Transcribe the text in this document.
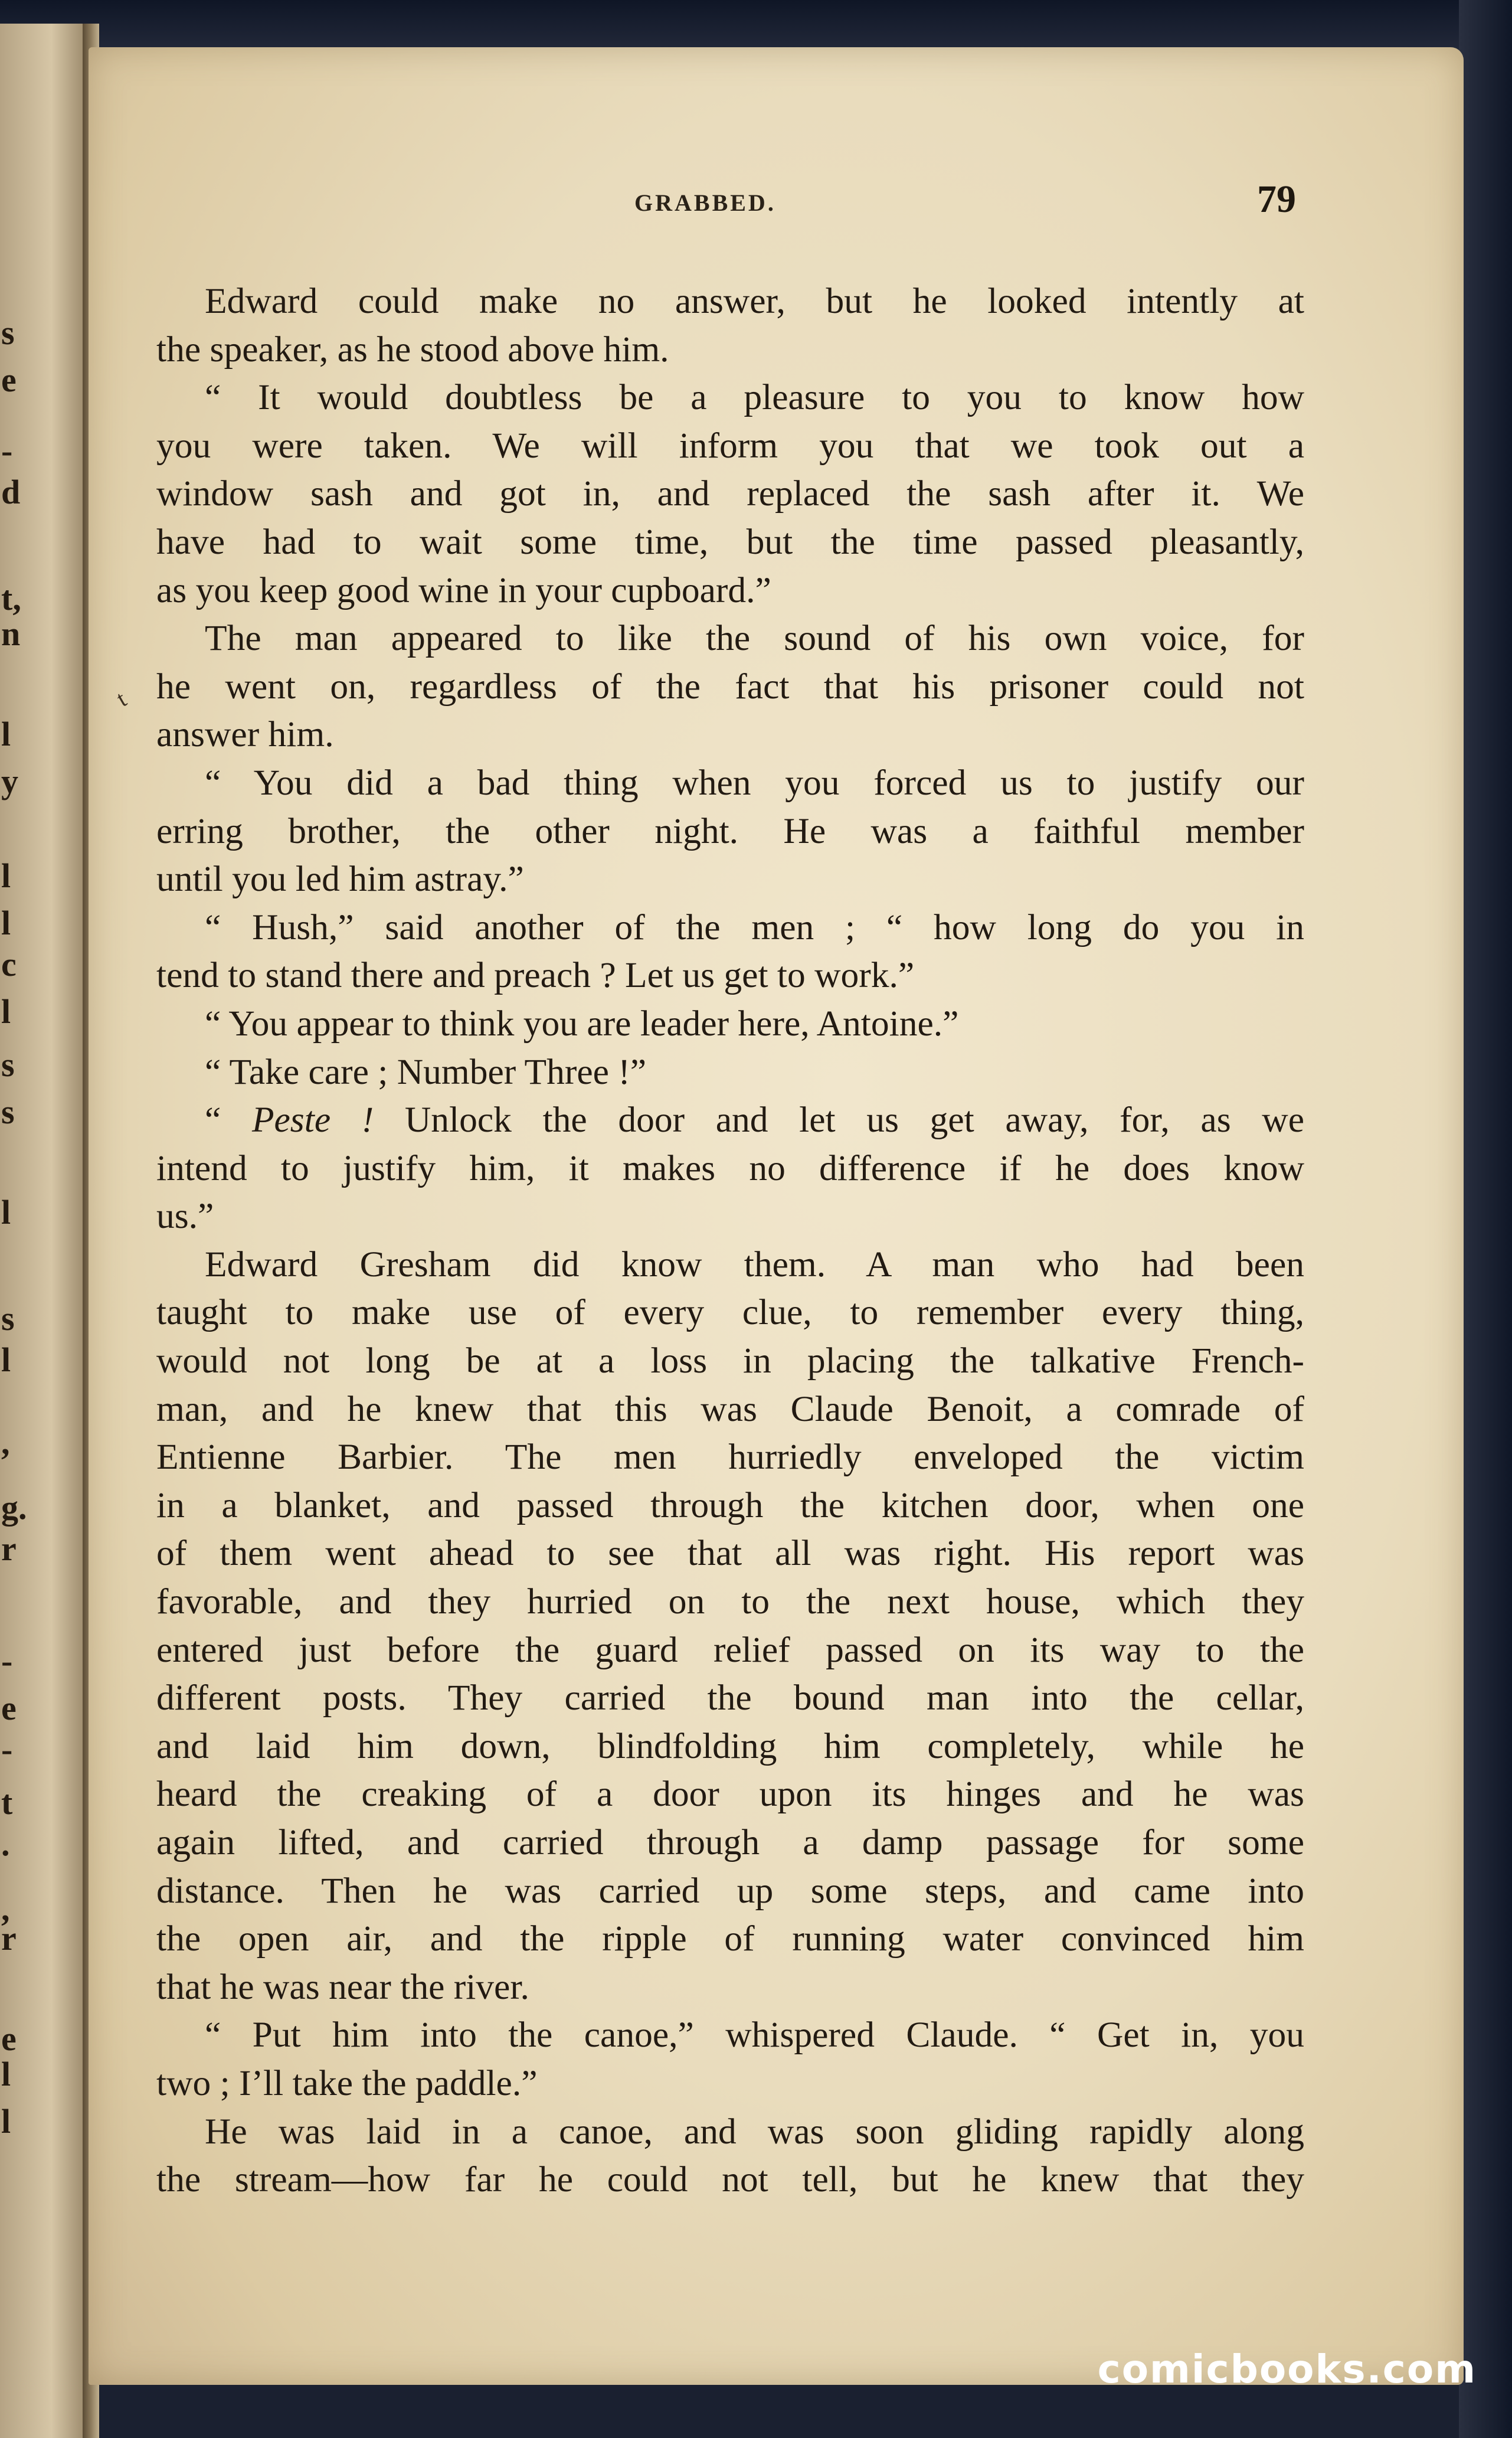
s
e
-
d
t,
n
l
y
l
l
c
l
s
s
l
s
l
,
g.
r
-
e
-
t
.
,
r
e
l
l
GRABBED.	79
Edward could make no answer, but he looked intently at
the speaker, as he stood above him.
“ It would doubtless be a pleasure to you to know how
you were taken. We will inform you that we took out a
window sash and got in, and replaced the sash after it. We
have had to wait some time, but the time passed pleasantly,
as you keep good wine in your cupboard.”
The man appeared to like the sound of his own voice, for
he went on, regardless of the fact that his prisoner could not
answer him.
“ You did a bad thing when you forced us to justify our
erring brother, the other night. He was a faithful member
until you led him astray.”
“ Hush,” said another of the men ; “ how long do you in
tend to stand there and preach ? Let us get to work.”
“ You appear to think you are leader here, Antoine.”
“ Take care ; Number Three !”
“ Peste ! Unlock the door and let us get away, for, as we
intend to justify him, it makes no difference if he does know
us.”
Edward Gresham did know them. A man who had been
taught to make use of every clue, to remember every thing,
would not long be at a loss in placing the talkative French-
man, and he knew that this was Claude Benoit, a comrade of
Entienne Barbier. The men hurriedly enveloped the victim
in a blanket, and passed through the kitchen door, when one
of them went ahead to see that all was right. His report was
favorable, and they hurried on to the next house, which they
entered just before the guard relief passed on its way to the
different posts. They carried the bound man into the cellar,
and laid him down, blindfolding him completely, while he
heard the creaking of a door upon its hinges and he was
again lifted, and carried through a damp passage for some
distance. Then he was carried up some steps, and came into
the open air, and the ripple of running water convinced him
that he was near the river.
“ Put him into the canoe,” whispered Claude. “ Get in, you
two ; I’ll take the paddle.”
He was laid in a canoe, and was soon gliding rapidly along
the stream—how far he could not tell, but he knew that they
t
comicbooks.com
